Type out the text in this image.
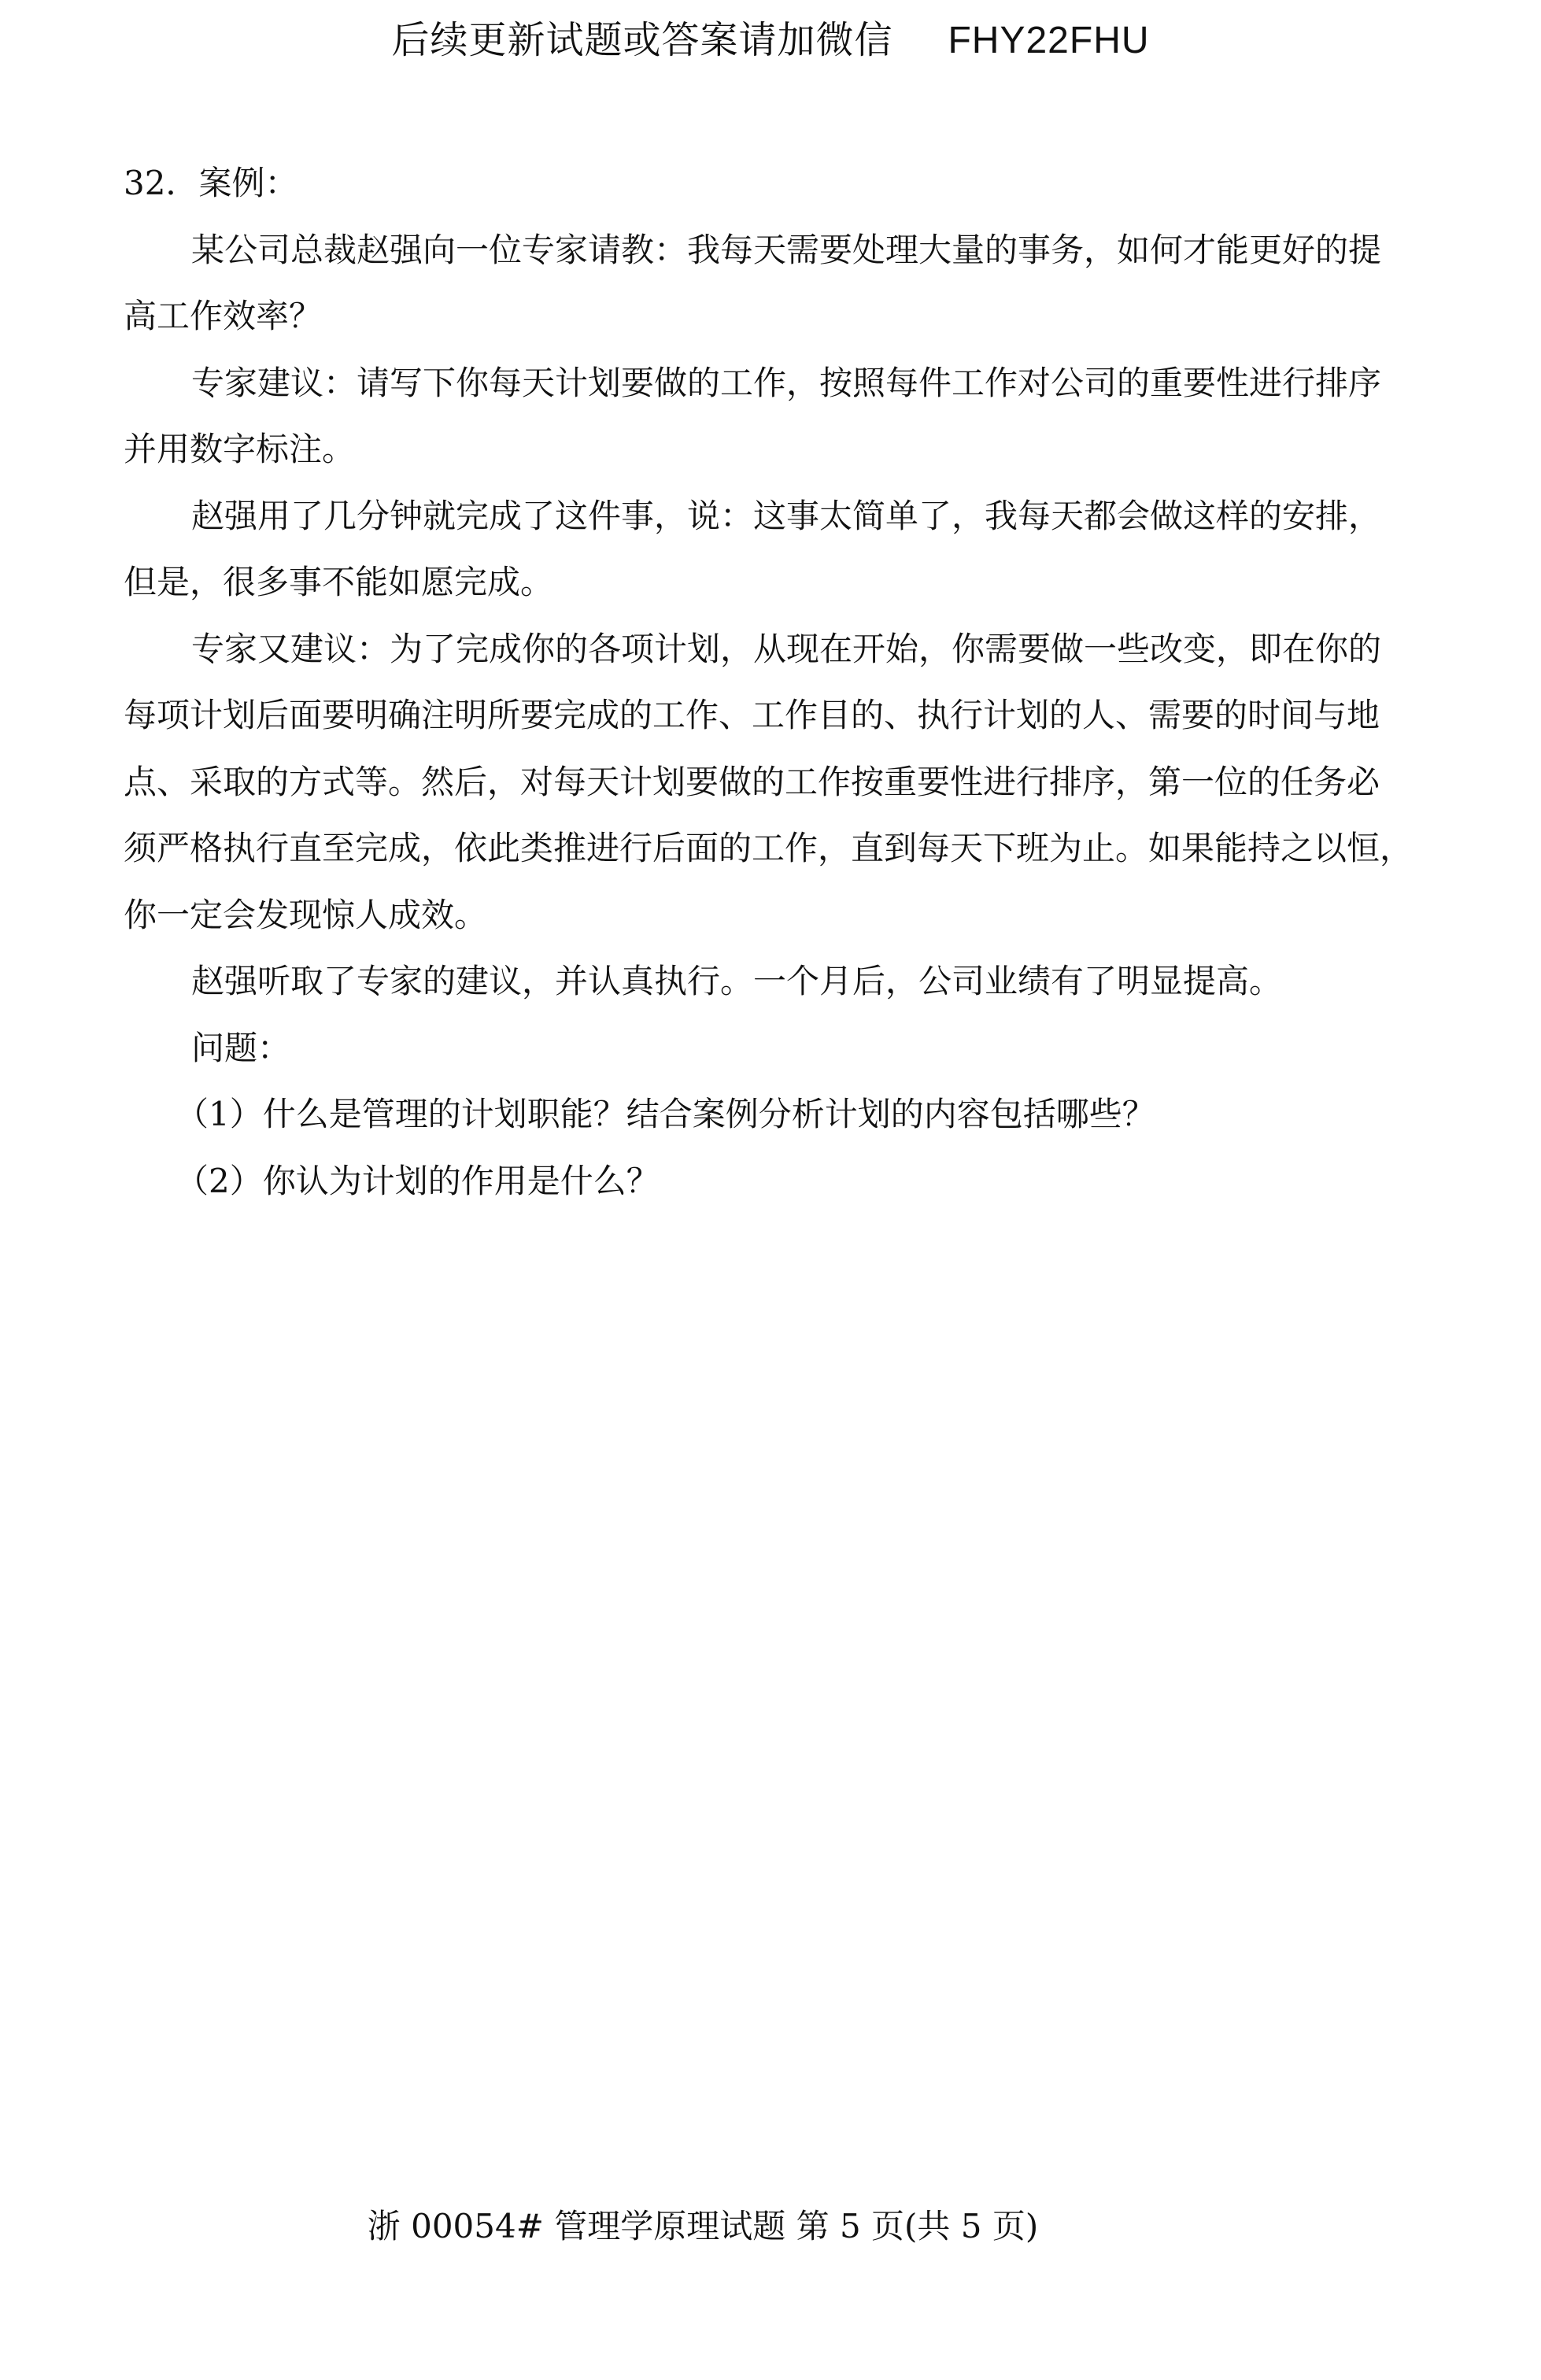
后续更新试题或答案请加微信 FHY22FHU
32．案例：
某公司总裁赵强向一位专家请教：我每天需要处理大量的事务，如何才能更好的提
高工作效率？
专家建议：请写下你每天计划要做的工作，按照每件工作对公司的重要性进行排序
并用数字标注。
赵强用了几分钟就完成了这件事，说：这事太简单了，我每天都会做这样的安排，
但是，很多事不能如愿完成。
专家又建议：为了完成你的各项计划，从现在开始，你需要做一些改变，即在你的
每项计划后面要明确注明所要完成的工作、工作目的、执行计划的人、需要的时间与地
点、采取的方式等。然后，对每天计划要做的工作按重要性进行排序，第一位的任务必
须严格执行直至完成，依此类推进行后面的工作，直到每天下班为止。如果能持之以恒，
你一定会发现惊人成效。
赵强听取了专家的建议，并认真执行。一个月后，公司业绩有了明显提高。
问题：
（1）什么是管理的计划职能？结合案例分析计划的内容包括哪些？
（2）你认为计划的作用是什么？
浙 00054# 管理学原理试题 第 5 页(共 5 页)
